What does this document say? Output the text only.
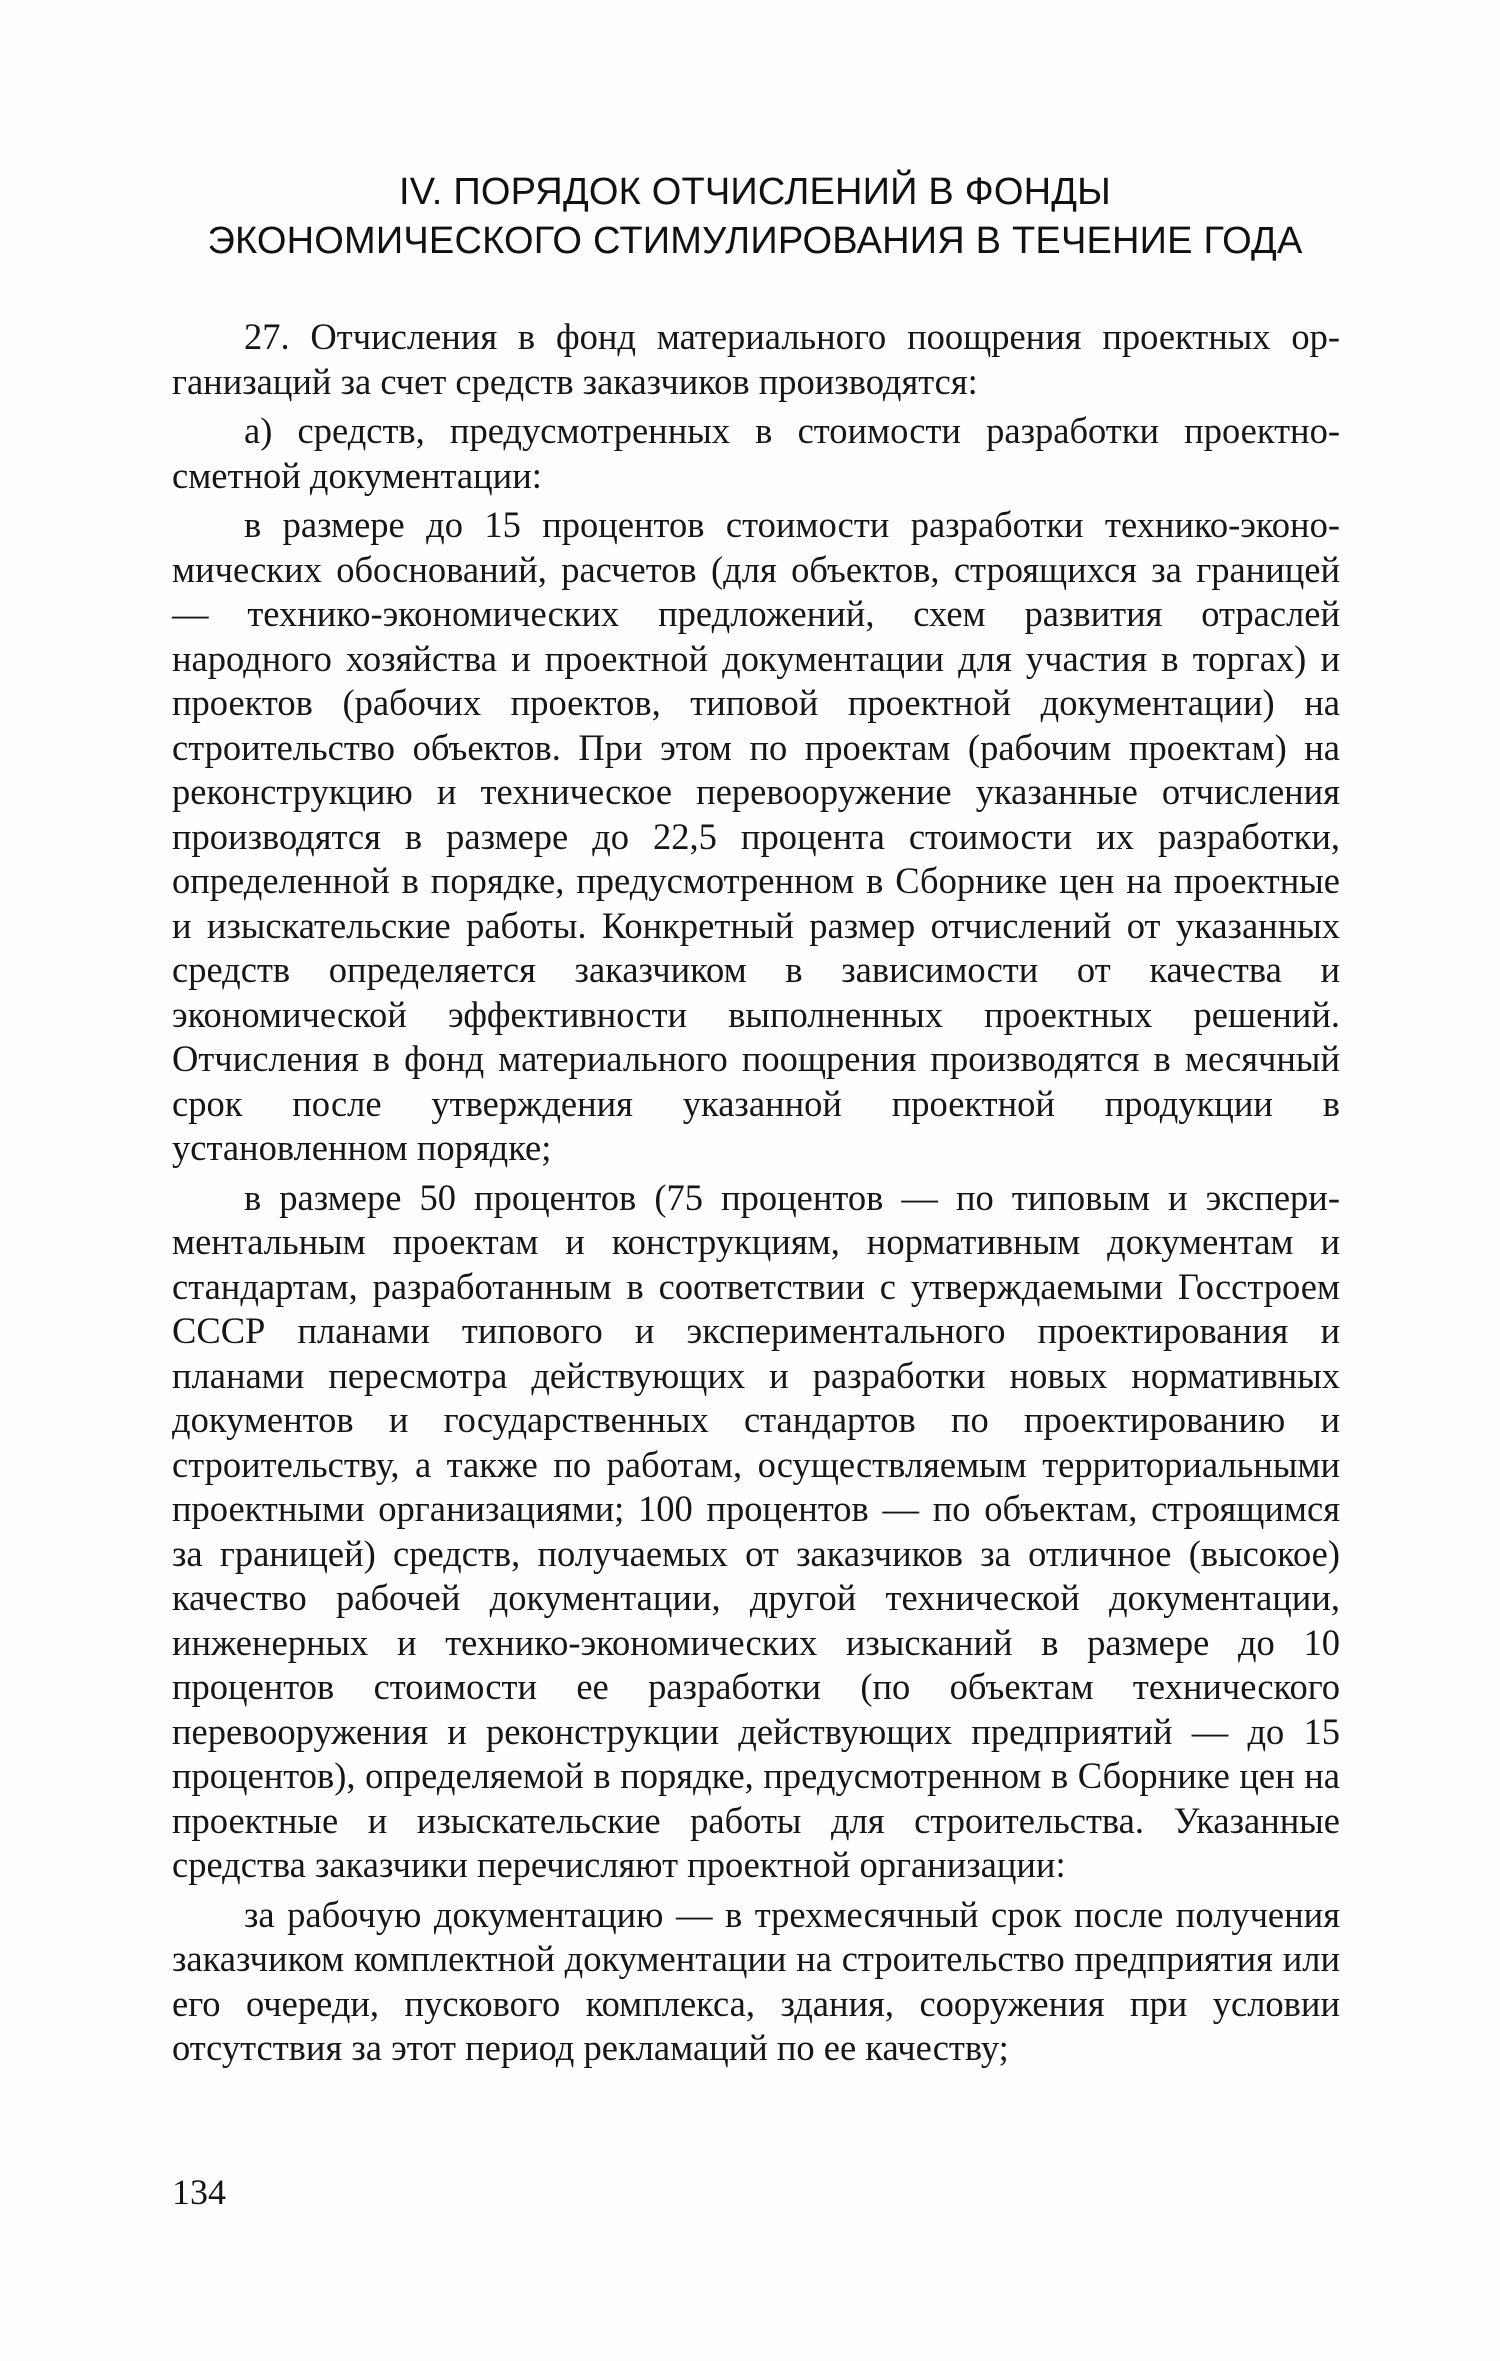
IV. ПОРЯДОК ОТЧИСЛЕНИЙ В ФОНДЫ
ЭКОНОМИЧЕСКОГО СТИМУЛИРОВАНИЯ В ТЕЧЕНИЕ ГОДА

27. Отчисления в фонд материального поощрения проектных организаций за счет средств заказчиков производятся:

а) средств, предусмотренных в стоимости разработки проектно-сметной документации:

в размере до 15 процентов стоимости разработки технико-экономических обоснований, расчетов (для объектов, строящихся за границей — технико-экономических предложений, схем развития отраслей народного хозяйства и проектной документации для участия в торгах) и проектов (рабочих проектов, типовой проектной документации) на строительство объектов. При этом по проектам (рабочим проектам) на реконструкцию и техническое перевооружение указанные отчисления производятся в размере до 22,5 процента стоимости их разработки, определенной в порядке, предусмотренном в Сборнике цен на проектные и изыскательские работы. Конкретный размер отчислений от указанных средств определяется заказчиком в зависимости от качества и экономической эффективности выполненных проектных решений. Отчисления в фонд материального поощрения производятся в месячный срок после утверждения указанной проектной продукции в установленном порядке;

в размере 50 процентов (75 процентов — по типовым и экспериментальным проектам и конструкциям, нормативным документам и стандартам, разработанным в соответствии с утверждаемыми Госстроем СССР планами типового и экспериментального проектирования и планами пересмотра действующих и разработки новых нормативных документов и государственных стандартов по проектированию и строительству, а также по работам, осуществляемым территориальными проектными организациями; 100 процентов — по объектам, строящимся за границей) средств, получаемых от заказчиков за отличное (высокое) качество рабочей документации, другой технической документации, инженерных и технико-экономических изысканий в размере до 10 процентов стоимости ее разработки (по объектам технического перевооружения и реконструкции действующих предприятий — до 15 процентов), определяемой в порядке, предусмотренном в Сборнике цен на проектные и изыскательские работы для строительства. Указанные средства заказчики перечисляют проектной организации:

за рабочую документацию — в трехмесячный срок после получения заказчиком комплектной документации на строительство предприятия или его очереди, пускового комплекса, здания, сооружения при условии отсутствия за этот период рекламаций по ее качеству;

134
